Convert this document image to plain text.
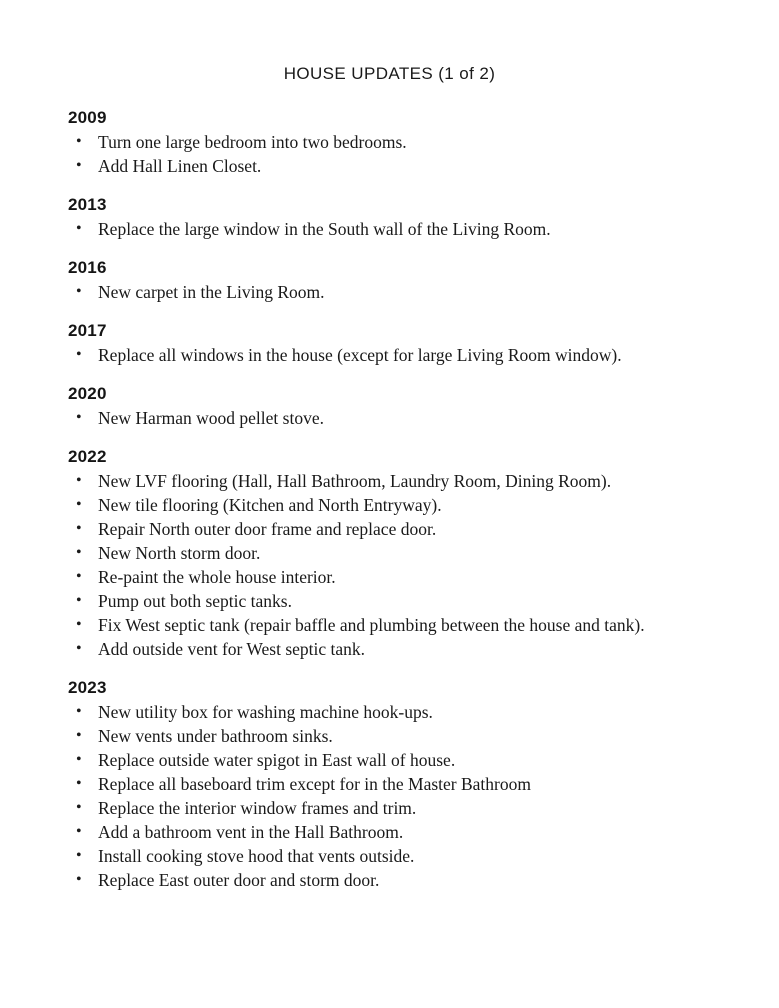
HOUSE UPDATES (1 of 2)
2009
• Turn one large bedroom into two bedrooms.
• Add Hall Linen Closet.
2013
• Replace the large window in the South wall of the Living Room.
2016
• New carpet in the Living Room.
2017
• Replace all windows in the house (except for large Living Room window).
2020
• New Harman wood pellet stove.
2022
• New LVF flooring (Hall, Hall Bathroom, Laundry Room, Dining Room).
• New tile flooring (Kitchen and North Entryway).
• Repair North outer door frame and replace door.
• New North storm door.
• Re-paint the whole house interior.
• Pump out both septic tanks.
• Fix West septic tank (repair baffle and plumbing between the house and tank).
• Add outside vent for West septic tank.
2023
• New utility box for washing machine hook-ups.
• New vents under bathroom sinks.
• Replace outside water spigot in East wall of house.
• Replace all baseboard trim except for in the Master Bathroom
• Replace the interior window frames and trim.
• Add a bathroom vent in the Hall Bathroom.
• Install cooking stove hood that vents outside.
• Replace East outer door and storm door.
